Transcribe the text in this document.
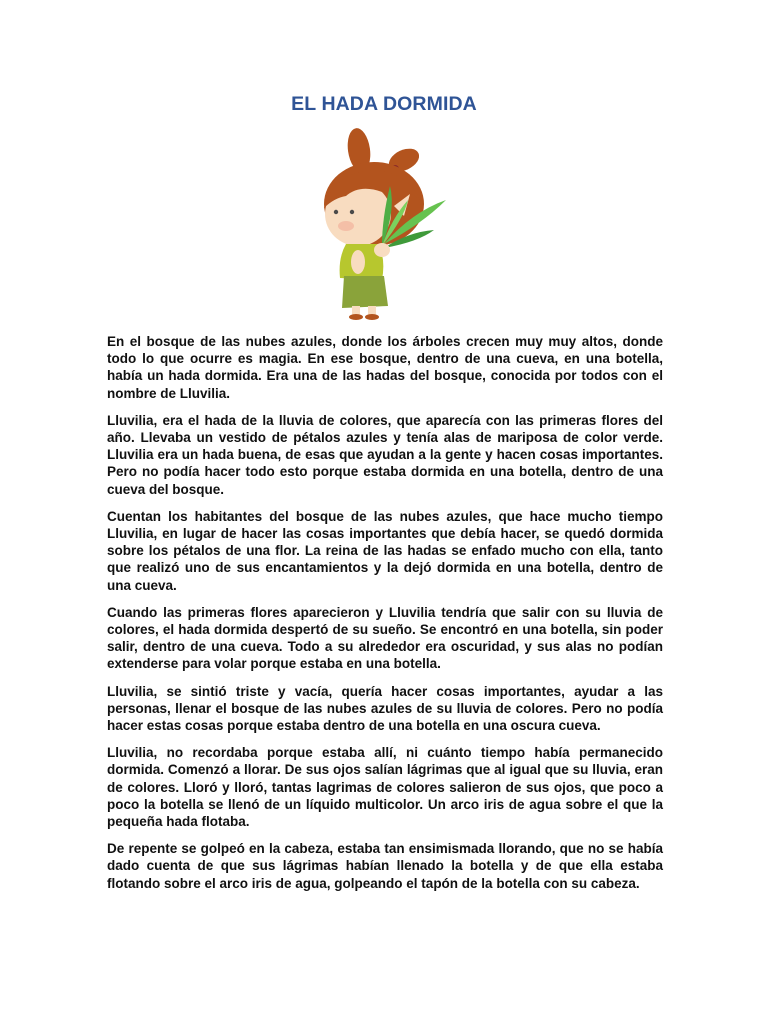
EL HADA DORMIDA

En el bosque de las nubes azules, donde los árboles crecen muy muy altos, donde todo lo que ocurre es magia. En ese bosque, dentro de una cueva, en una botella, había un hada dormida. Era una de las hadas del bosque, conocida por todos con el nombre de Lluvilia.

Lluvilia, era el hada de la lluvia de colores, que aparecía con las primeras flores del año. Llevaba un vestido de pétalos azules y tenía alas de mariposa de color verde. Lluvilia era un hada buena, de esas que ayudan a la gente y hacen cosas importantes. Pero no podía hacer todo esto porque estaba dormida en una botella, dentro de una cueva del bosque.

Cuentan los habitantes del bosque de las nubes azules, que hace mucho tiempo Lluvilia, en lugar de hacer las cosas importantes que debía hacer, se quedó dormida sobre los pétalos de una flor. La reina de las hadas se enfado mucho con ella, tanto que realizó uno de sus encantamientos y la dejó dormida en una botella, dentro de una cueva.

Cuando las primeras flores aparecieron y Lluvilia tendría que salir con su lluvia de colores, el hada dormida despertó de su sueño. Se encontró en una botella, sin poder salir, dentro de una cueva. Todo a su alrededor era oscuridad, y sus alas no podían extenderse para volar porque estaba en una botella.

Lluvilia, se sintió triste y vacía, quería hacer cosas importantes, ayudar a las personas, llenar el bosque de las nubes azules de su lluvia de colores. Pero no podía hacer estas cosas porque estaba dentro de una botella en una oscura cueva.

Lluvilia, no recordaba porque estaba allí, ni cuánto tiempo había permanecido dormida. Comenzó a llorar. De sus ojos salían lágrimas que al igual que su lluvia, eran de colores. Lloró y lloró, tantas lagrimas de colores salieron de sus ojos, que poco a poco la botella se llenó de un líquido multicolor. Un arco iris de agua sobre el que la pequeña hada flotaba.

De repente se golpeó en la cabeza, estaba tan ensimismada llorando, que no se había dado cuenta de que sus lágrimas habían llenado la botella y de que ella estaba flotando sobre el arco iris de agua, golpeando el tapón de la botella con su cabeza.
